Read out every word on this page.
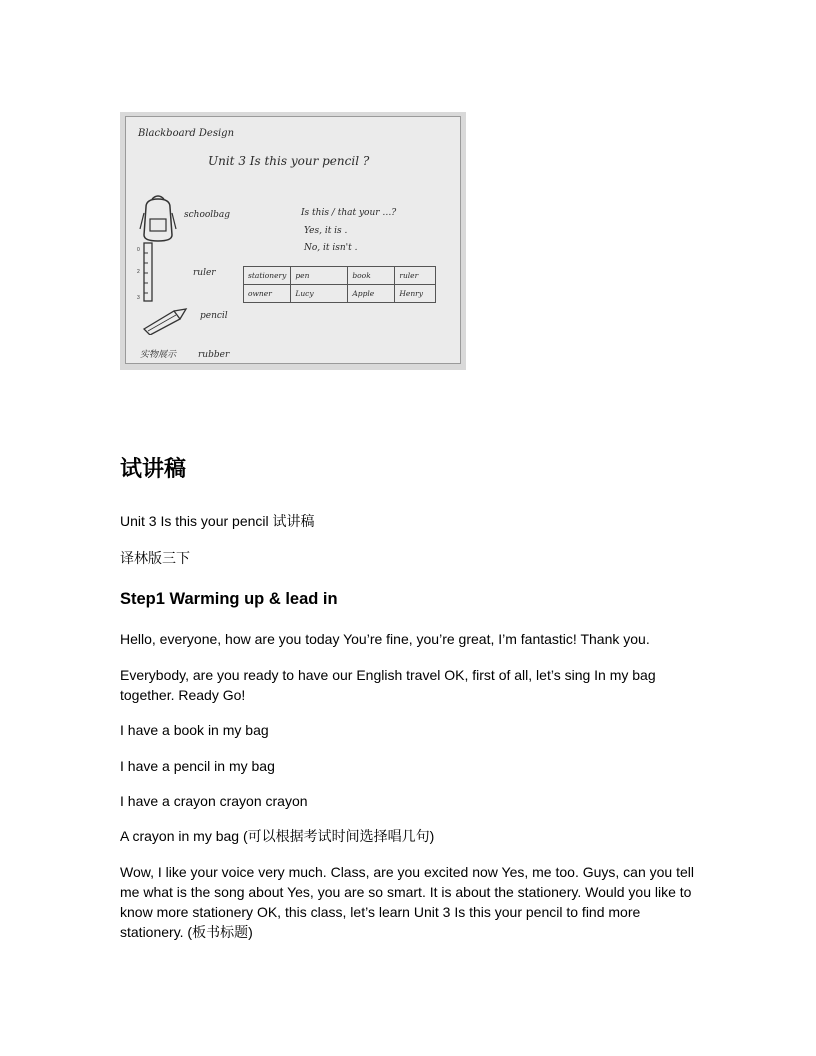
Blackboard Design
Unit 3 Is this your pencil ?
schoolbag
0
2
3
ruler
pencil
实物展示 rubber
Is this / that your …?
Yes, it is .
No, it isn't .
stationery	pen	book	ruler
owner	Lucy	Apple	Henry
试讲稿
Unit 3 Is this your pencil 试讲稿
译林版三下
Step1 Warming up & lead in
Hello, everyone, how are you today You’re fine, you’re great, I’m fantastic! Thank you.
Everybody, are you ready to have our English travel OK, first of all, let’s sing In my bag together. Ready Go!
I have a book in my bag
I have a pencil in my bag
I have a crayon crayon crayon
A crayon in my bag (可以根据考试时间选择唱几句)
Wow, I like your voice very much. Class, are you excited now Yes, me too. Guys, can you tell me what is the song about Yes, you are so smart. It is about the stationery. Would you like to know more stationery OK, this class, let’s learn Unit 3 Is this your pencil to find more stationery. (板书标题)
